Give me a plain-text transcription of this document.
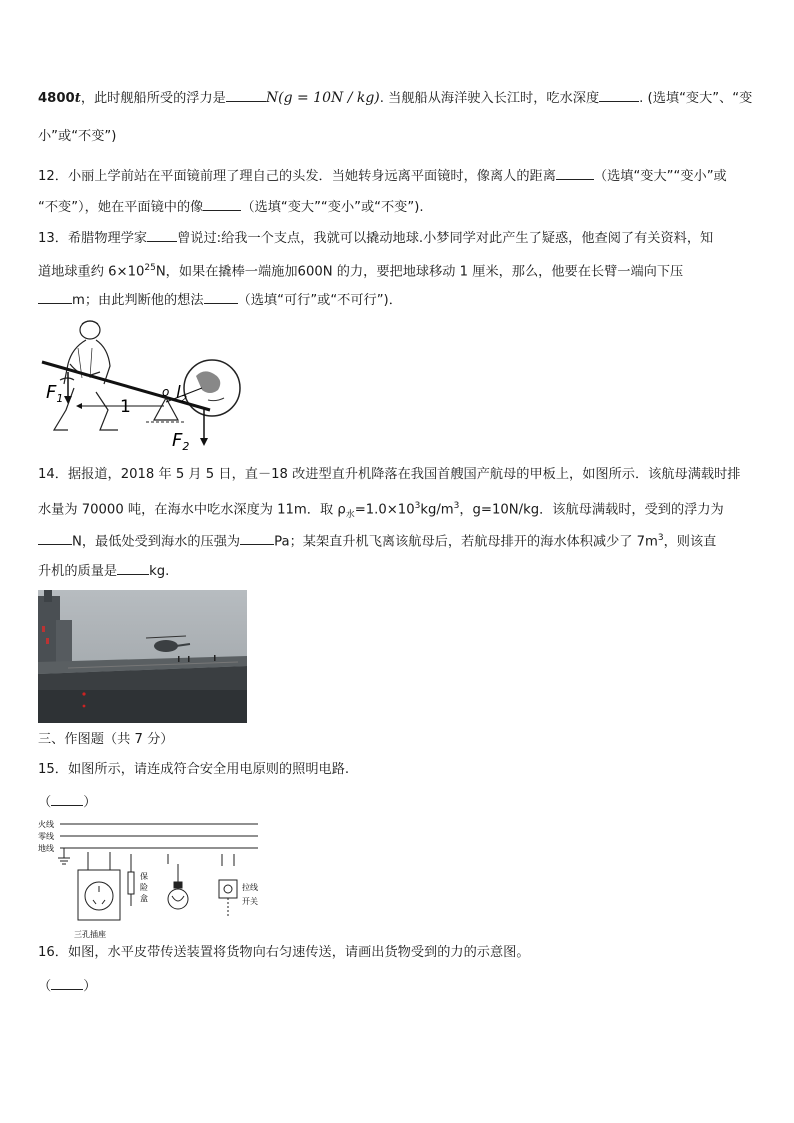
4800t，此时舰船所受的浮力是	N(g = 10N / kg). 当舰船从海洋驶入长江时，吃水深度	. (选填“变大”、“变
小”或“不变”)
12．小丽上学前站在平面镜前理了理自己的头发．当她转身远离平面镜时，像离人的距离	（选填“变大”“变小”或
“不变”），她在平面镜中的像	（选填“变大”“变小”或“不变”).
13．希腊物理学家 曾说过:给我一个支点，我就可以撬动地球.小梦同学对此产生了疑惑，他查阅了有关资料，知
道地球重约 $6\times 10^{25}N$，如果在撬棒一端施加600N 的力，要把地球移动 1 厘米，那么，他要在长臂一端向下压
m；由此判断他的想法	（选填“可行”或“不可行”)．
$F_1$	1
o $l_2$
$F_2$
14．据报道，2018 年 5 月 5 日，直－18 改进型直升机降落在我国首艘国产航母的甲板上，如图所示．该航母满载时排
水量为 70000 吨，在海水中吃水深度为 11m．取 $\rho_水=1.0\times 10^3kg/m^3$，g=10N/kg．该航母满载时，受到的浮力为
N，最低处受到海水的压强为	Pa；某架直升机飞离该航母后，若航母排开的海水体积减少了 $7m^3$，则该直
升机的质量是 kg.
三、作图题（共 7 分）
15．如图所示，请连成符合安全用电原则的照明电路.
（ ）
火线
零线
地线
保
险
盒
拉线
开关
三孔插座
16．如图，水平皮带传送装置将货物向右匀速传送，请画出货物受到的力的示意图。
（ ）
